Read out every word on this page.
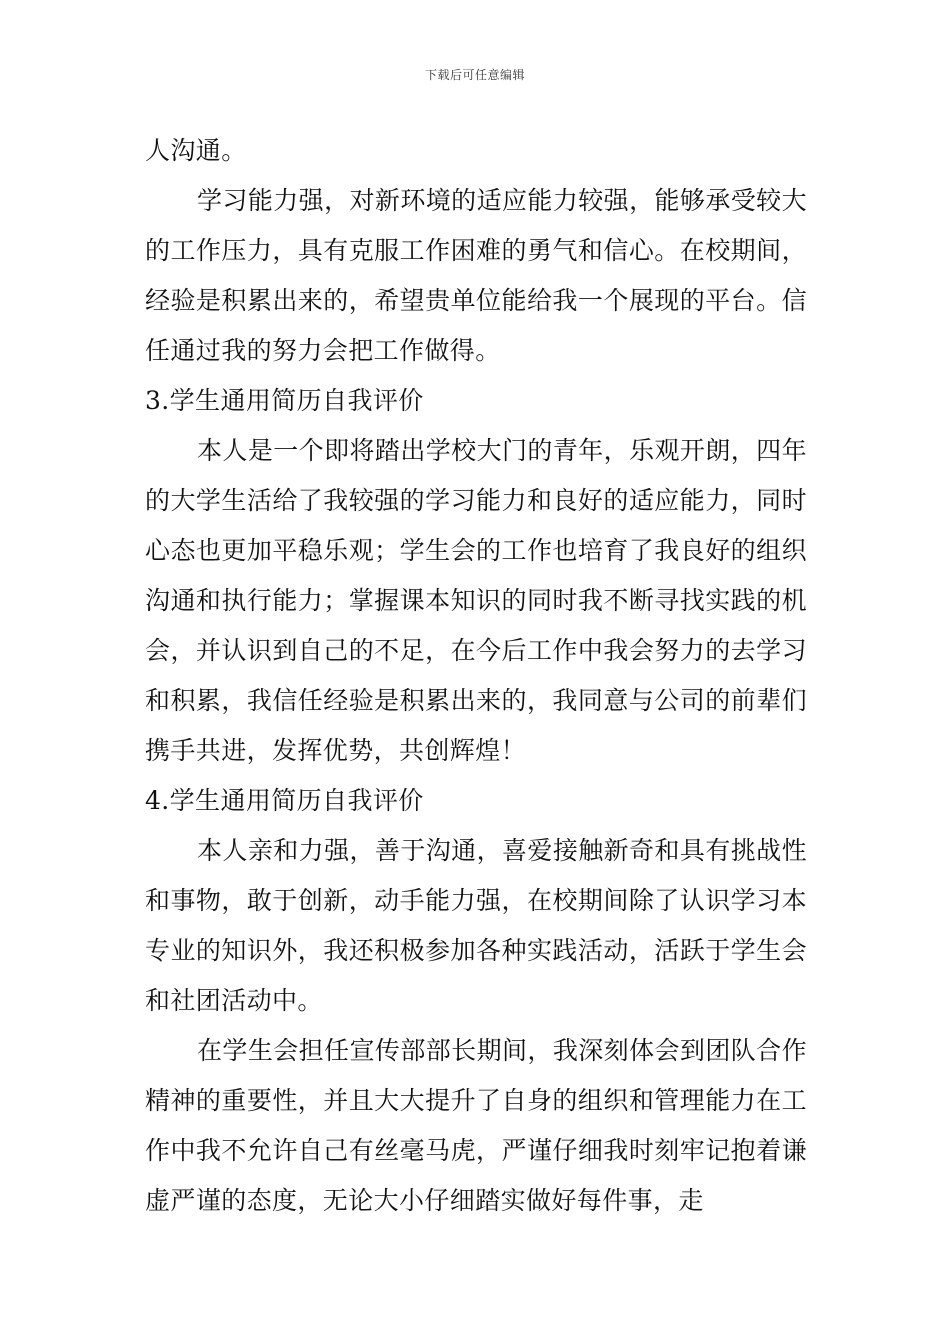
下载后可任意编辑

人沟通。

学习能力强，对新环境的适应能力较强，能够承受较大的工作压力，具有克服工作困难的勇气和信心。在校期间，经验是积累出来的，希望贵单位能给我一个展现的平台。信任通过我的努力会把工作做得。

3.学生通用简历自我评价

本人是一个即将踏出学校大门的青年，乐观开朗，四年的大学生活给了我较强的学习能力和良好的适应能力，同时心态也更加平稳乐观；学生会的工作也培育了我良好的组织沟通和执行能力；掌握课本知识的同时我不断寻找实践的机会，并认识到自己的不足，在今后工作中我会努力的去学习和积累，我信任经验是积累出来的，我同意与公司的前辈们携手共进，发挥优势，共创辉煌！

4.学生通用简历自我评价

本人亲和力强，善于沟通，喜爱接触新奇和具有挑战性和事物，敢于创新，动手能力强，在校期间除了认识学习本专业的知识外，我还积极参加各种实践活动，活跃于学生会和社团活动中。

在学生会担任宣传部部长期间，我深刻体会到团队合作精神的重要性，并且大大提升了自身的组织和管理能力在工作中我不允许自己有丝毫马虎，严谨仔细我时刻牢记抱着谦虚严谨的态度，无论大小仔细踏实做好每件事，走
